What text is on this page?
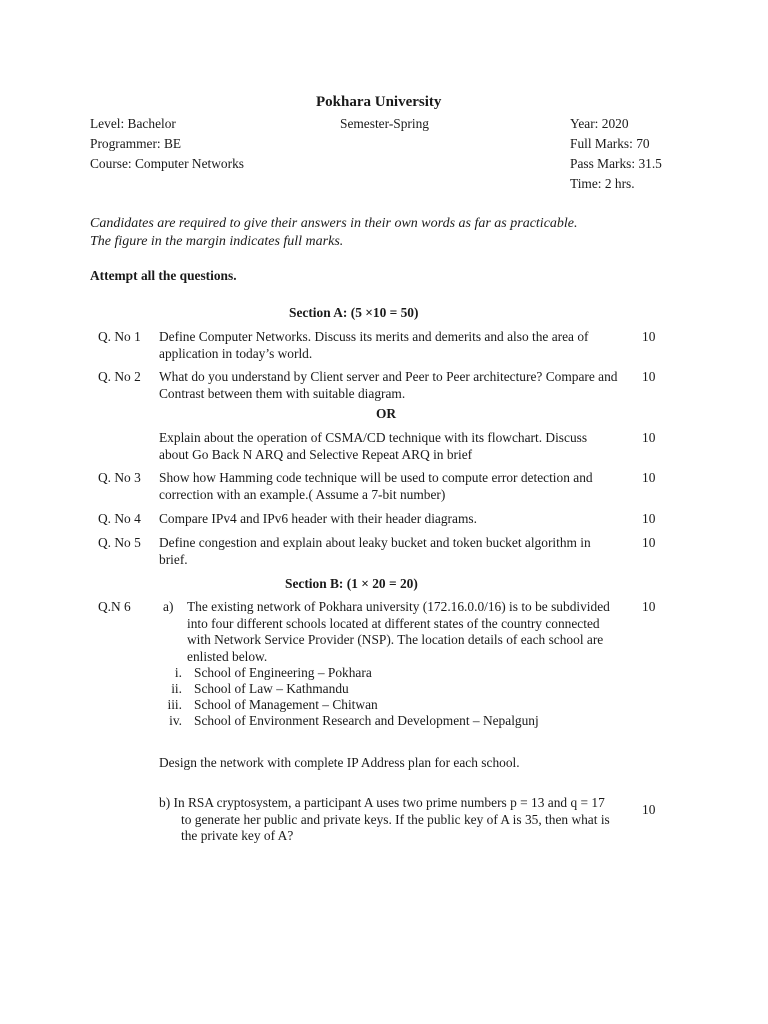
Pokhara University
Level: Bachelor	Semester-Spring	Year: 2020
Programmer: BE	Full Marks: 70
Course: Computer Networks	Pass Marks: 31.5
Time: 2 hrs.
Candidates are required to give their answers in their own words as far as practicable.
The figure in the margin indicates full marks.
Attempt all the questions.
Section A: (5 ×10 = 50)
Q. No 1 Define Computer Networks. Discuss its merits and demerits and also the area of application in today’s world.
10
Q. No 2 What do you understand by Client server and Peer to Peer architecture? Compare and Contrast between them with suitable diagram.
10
OR
Explain about the operation of CSMA/CD technique with its flowchart. Discuss about Go Back N ARQ and Selective Repeat ARQ in brief
10
Q. No 3 Show how Hamming code technique will be used to compute error detection and correction with an example.( Assume a 7-bit number)
10
Q. No 4 Compare IPv4 and IPv6 header with their header diagrams.	10
Q. No 5 Define congestion and explain about leaky bucket and token bucket algorithm in brief.
10
Section B: (1 × 20 = 20)
Q.N 6 a) The existing network of Pokhara university (172.16.0.0/16) is to be subdivided into four different schools located at different states of the country connected with Network Service Provider (NSP). The location details of each school are enlisted below.
10
i. School of Engineering – Pokhara
ii. School of Law – Kathmandu
iii. School of Management – Chitwan
iv. School of Environment Research and Development – Nepalgunj
Design the network with complete IP Address plan for each school.
b) In RSA cryptosystem, a participant A uses two prime numbers p = 13 and q = 17 to generate her public and private keys. If the public key of A is 35, then what is the private key of A?
10
